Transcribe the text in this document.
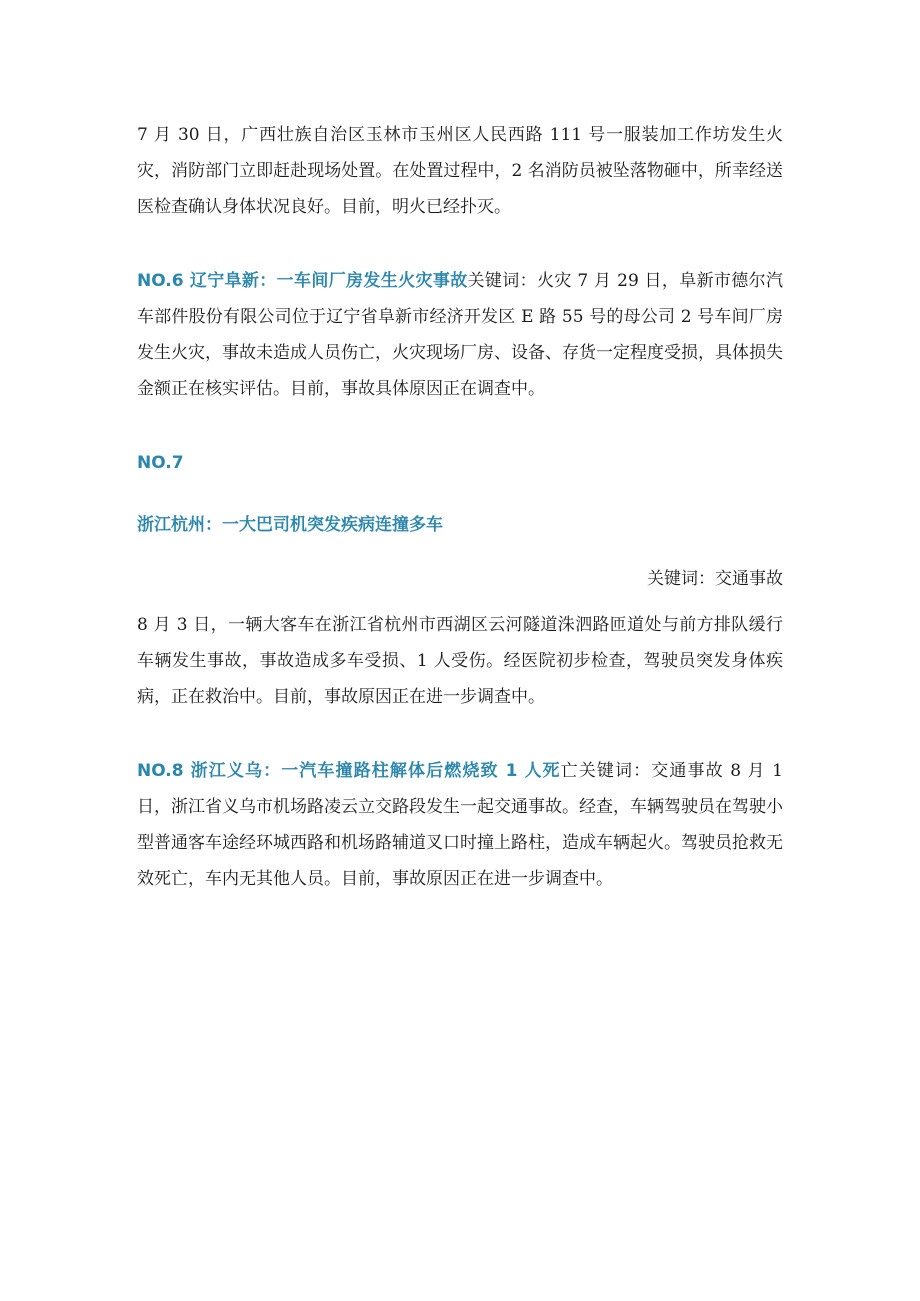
7 月 30 日，广西壮族自治区玉林市玉州区人民西路 111 号一服装加工作坊发生火灾，消防部门立即赶赴现场处置。在处置过程中，2 名消防员被坠落物砸中，所幸经送医检查确认身体状况良好。目前，明火已经扑灭。

NO.6 辽宁阜新：一车间厂房发生火灾事故关键词：火灾 7 月 29 日，阜新市德尔汽车部件股份有限公司位于辽宁省阜新市经济开发区 E 路 55 号的母公司 2 号车间厂房发生火灾，事故未造成人员伤亡，火灾现场厂房、设备、存货一定程度受损，具体损失金额正在核实评估。目前，事故具体原因正在调查中。

NO.7

浙江杭州：一大巴司机突发疾病连撞多车

关键词：交通事故

8 月 3 日，一辆大客车在浙江省杭州市西湖区云河隧道洙泗路匝道处与前方排队缓行车辆发生事故，事故造成多车受损、1 人受伤。经医院初步检查，驾驶员突发身体疾病，正在救治中。目前，事故原因正在进一步调查中。

NO.8 浙江义乌：一汽车撞路柱解体后燃烧致 1 人死亡关键词：交通事故 8 月 1 日，浙江省义乌市机场路凌云立交路段发生一起交通事故。经查，车辆驾驶员在驾驶小型普通客车途经环城西路和机场路辅道叉口时撞上路柱，造成车辆起火。驾驶员抢救无效死亡，车内无其他人员。目前，事故原因正在进一步调查中。
